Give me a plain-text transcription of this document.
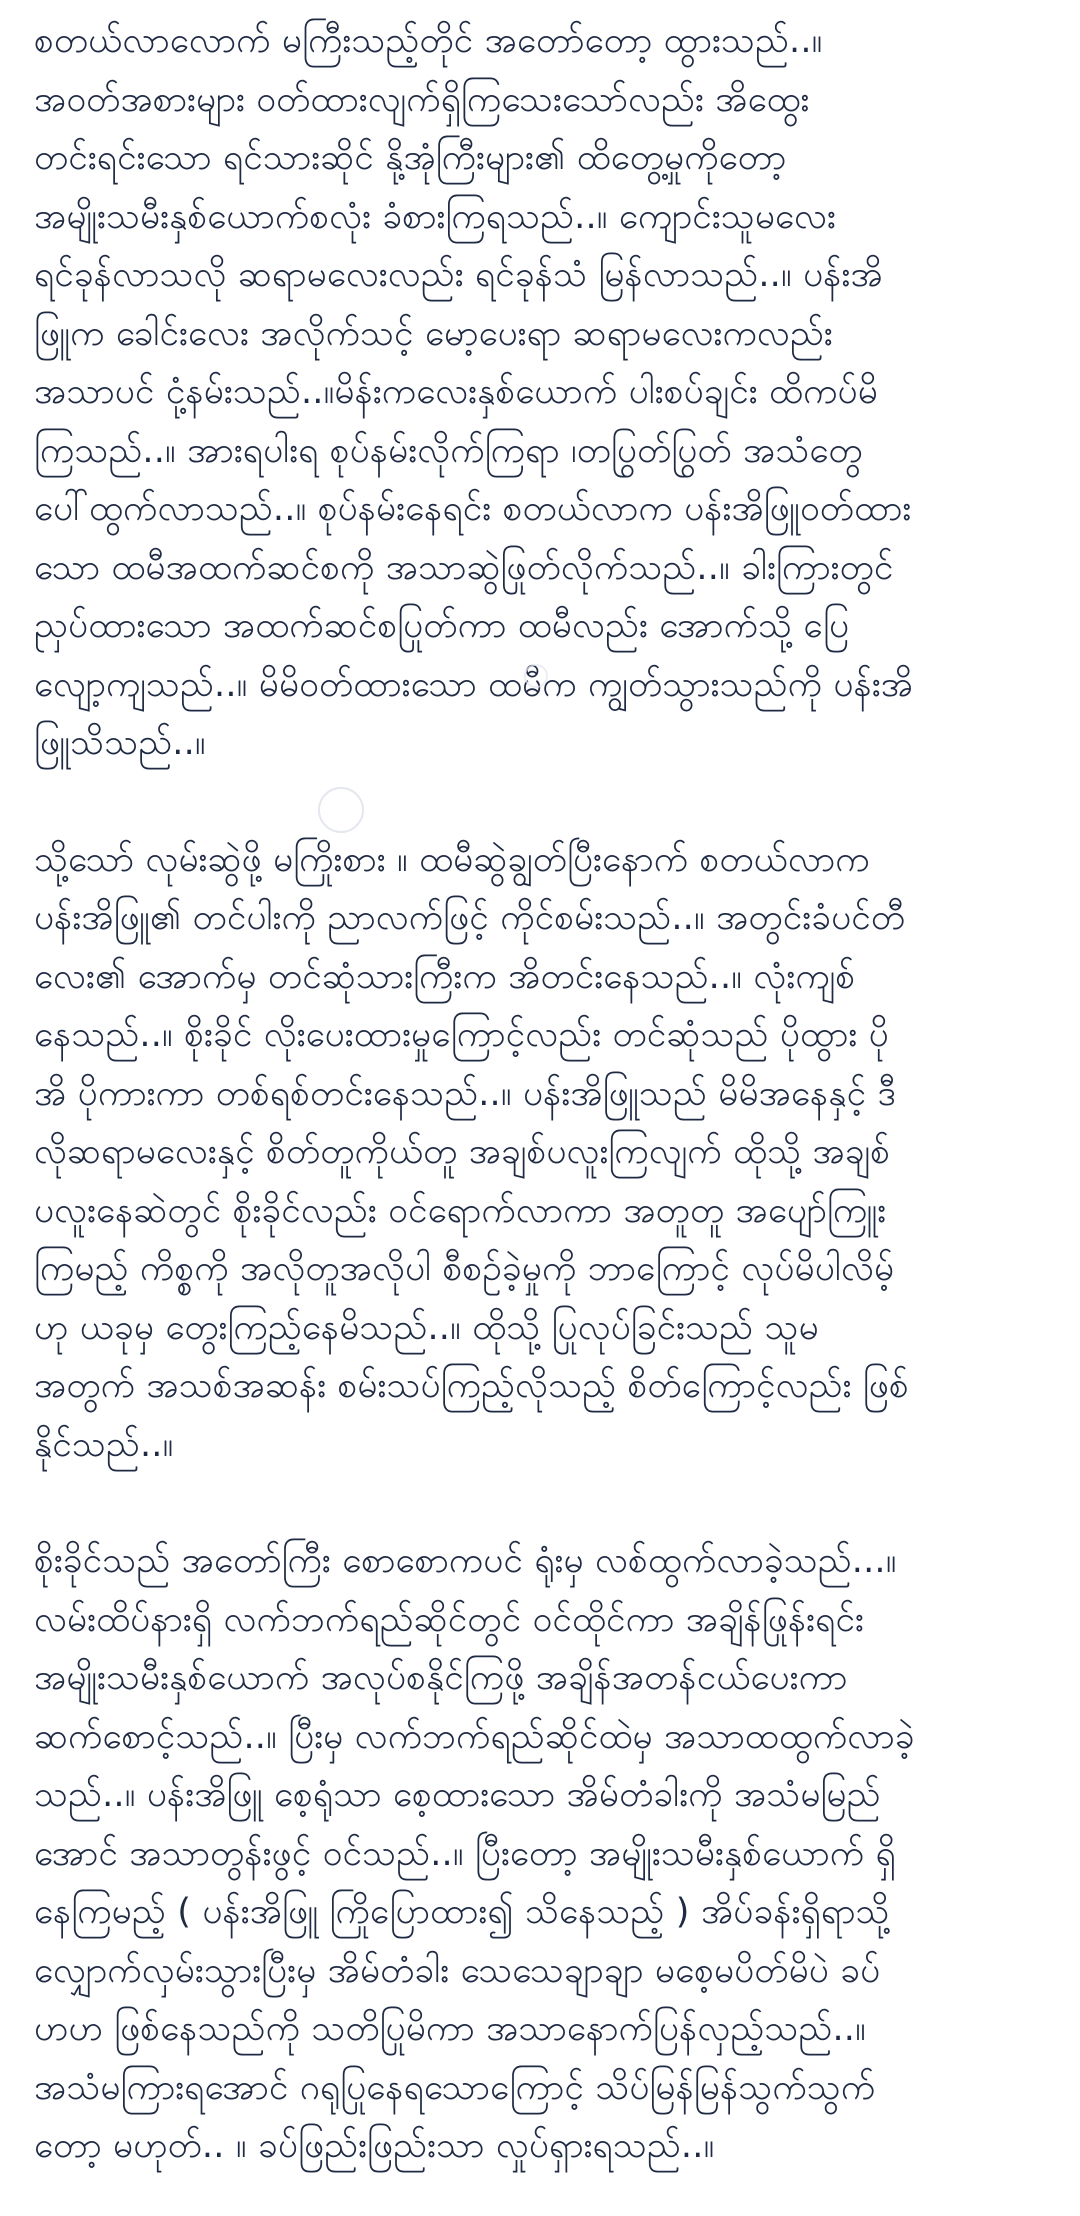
စတယ်လာလောက် မကြီးသည့်တိုင် အတော်တော့ ထွားသည်..။
အဝတ်အစားများ ဝတ်ထားလျက်ရှိကြသေးသော်လည်း အိထွေး
တင်းရင်းသော ရင်သားဆိုင် နို့အုံကြီးများ၏ ထိတွေ့မှုကိုတော့
အမျိုးသမီးနှစ်ယောက်စလုံး ခံစားကြရသည်..။ ကျောင်းသူမလေး
ရင်ခုန်လာသလို ဆရာမလေးလည်း ရင်ခုန်သံ မြန်လာသည်..။ ပန်းအိ
ဖြူက ခေါင်းလေး အလိုက်သင့် မော့ပေးရာ ဆရာမလေးကလည်း
အသာပင် ငုံ့နမ်းသည်..။မိန်းကလေးနှစ်ယောက် ပါးစပ်ချင်း ထိကပ်မိ
ကြသည်..။ အားရပါးရ စုပ်နမ်းလိုက်ကြရာ ၊တပြွတ်ပြွတ် အသံတွေ
ပေါ်ထွက်လာသည်..။ စုပ်နမ်းနေရင်း စတယ်လာက ပန်းအိဖြူဝတ်ထား
သော ထမီအထက်ဆင်စကို အသာဆွဲဖြုတ်လိုက်သည်..။ ခါးကြားတွင်
ညှပ်ထားသော အထက်ဆင်စပြုတ်ကာ ထမီလည်း အောက်သို့ ပြေ
လျော့ကျသည်..။ မိမိဝတ်ထားသော ထမီက ကျွတ်သွားသည်ကို ပန်းအိ
ဖြူသိသည်..။
သို့သော် လုမ်းဆွဲဖို့ မကြိုးစား ။ ထမီဆွဲချွတ်ပြီးနောက် စတယ်လာက
ပန်းအိဖြူ၏ တင်ပါးကို ညာလက်ဖြင့် ကိုင်စမ်းသည်..။ အတွင်းခံပင်တီ
လေး၏ အောက်မှ တင်ဆုံသားကြီးက အိတင်းနေသည်..။ လုံးကျစ်
နေသည်..။ စိုးခိုင် လိုးပေးထားမှုကြောင့်လည်း တင်ဆုံသည် ပိုထွား ပို
အိ ပိုကားကာ တစ်ရစ်တင်းနေသည်..။ ပန်းအိဖြူသည် မိမိအနေနှင့် ဒီ
လိုဆရာမလေးနှင့် စိတ်တူကိုယ်တူ အချစ်ပလူးကြလျက် ထိုသို့ အချစ်
ပလူးနေဆဲတွင် စိုးခိုင်လည်း ဝင်ရောက်လာကာ အတူတူ အပျော်ကြူး
ကြမည့် ကိစ္စကို အလိုတူအလိုပါ စီစဥ်ခဲ့မှုကို ဘာကြောင့် လုပ်မိပါလိမ့်
ဟု ယခုမှ တွေးကြည့်နေမိသည်..။ ထိုသို့ ပြုလုပ်ခြင်းသည် သူမ
အတွက် အသစ်အဆန်း စမ်းသပ်ကြည့်လိုသည့် စိတ်ကြောင့်လည်း ဖြစ်
နိုင်သည်..။
စိုးခိုင်သည် အတော်ကြီး စောစောကပင် ရုံးမှ လစ်ထွက်လာခဲ့သည်...။
လမ်းထိပ်နားရှိ လက်ဘက်ရည်ဆိုင်တွင် ဝင်ထိုင်ကာ အချိန်ဖြုန်းရင်း
အမျိုးသမီးနှစ်ယောက် အလုပ်စနိုင်ကြဖို့ အချိန်အတန်ငယ်ပေးကာ
ဆက်စောင့်သည်..။ ပြီးမှ လက်ဘက်ရည်ဆိုင်ထဲမှ အသာထထွက်လာခဲ့
သည်..။ ပန်းအိဖြူ စေ့ရုံသာ စေ့ထားသော အိမ်တံခါးကို အသံမမြည်
အောင် အသာတွန်းဖွင့် ဝင်သည်..။ ပြီးတော့ အမျိုးသမီးနှစ်ယောက် ရှိ
နေကြမည့် ( ပန်းအိဖြူ ကြိုပြောထား၍ သိနေသည့် ) အိပ်ခန်းရှိရာသို့
လျှောက်လှမ်းသွားပြီးမှ အိမ်တံခါး သေသေချာချာ မစေ့မပိတ်မိပဲ ခပ်
ဟဟ ဖြစ်နေသည်ကို သတိပြုမိကာ အသာနောက်ပြန်လှည့်သည်..။
အသံမကြားရအောင် ဂရုပြုနေရသောကြောင့် သိပ်မြန်မြန်သွက်သွက်
တော့ မဟုတ်.. ။ ခပ်ဖြည်းဖြည်းသာ လှုပ်ရှားရသည်..။
